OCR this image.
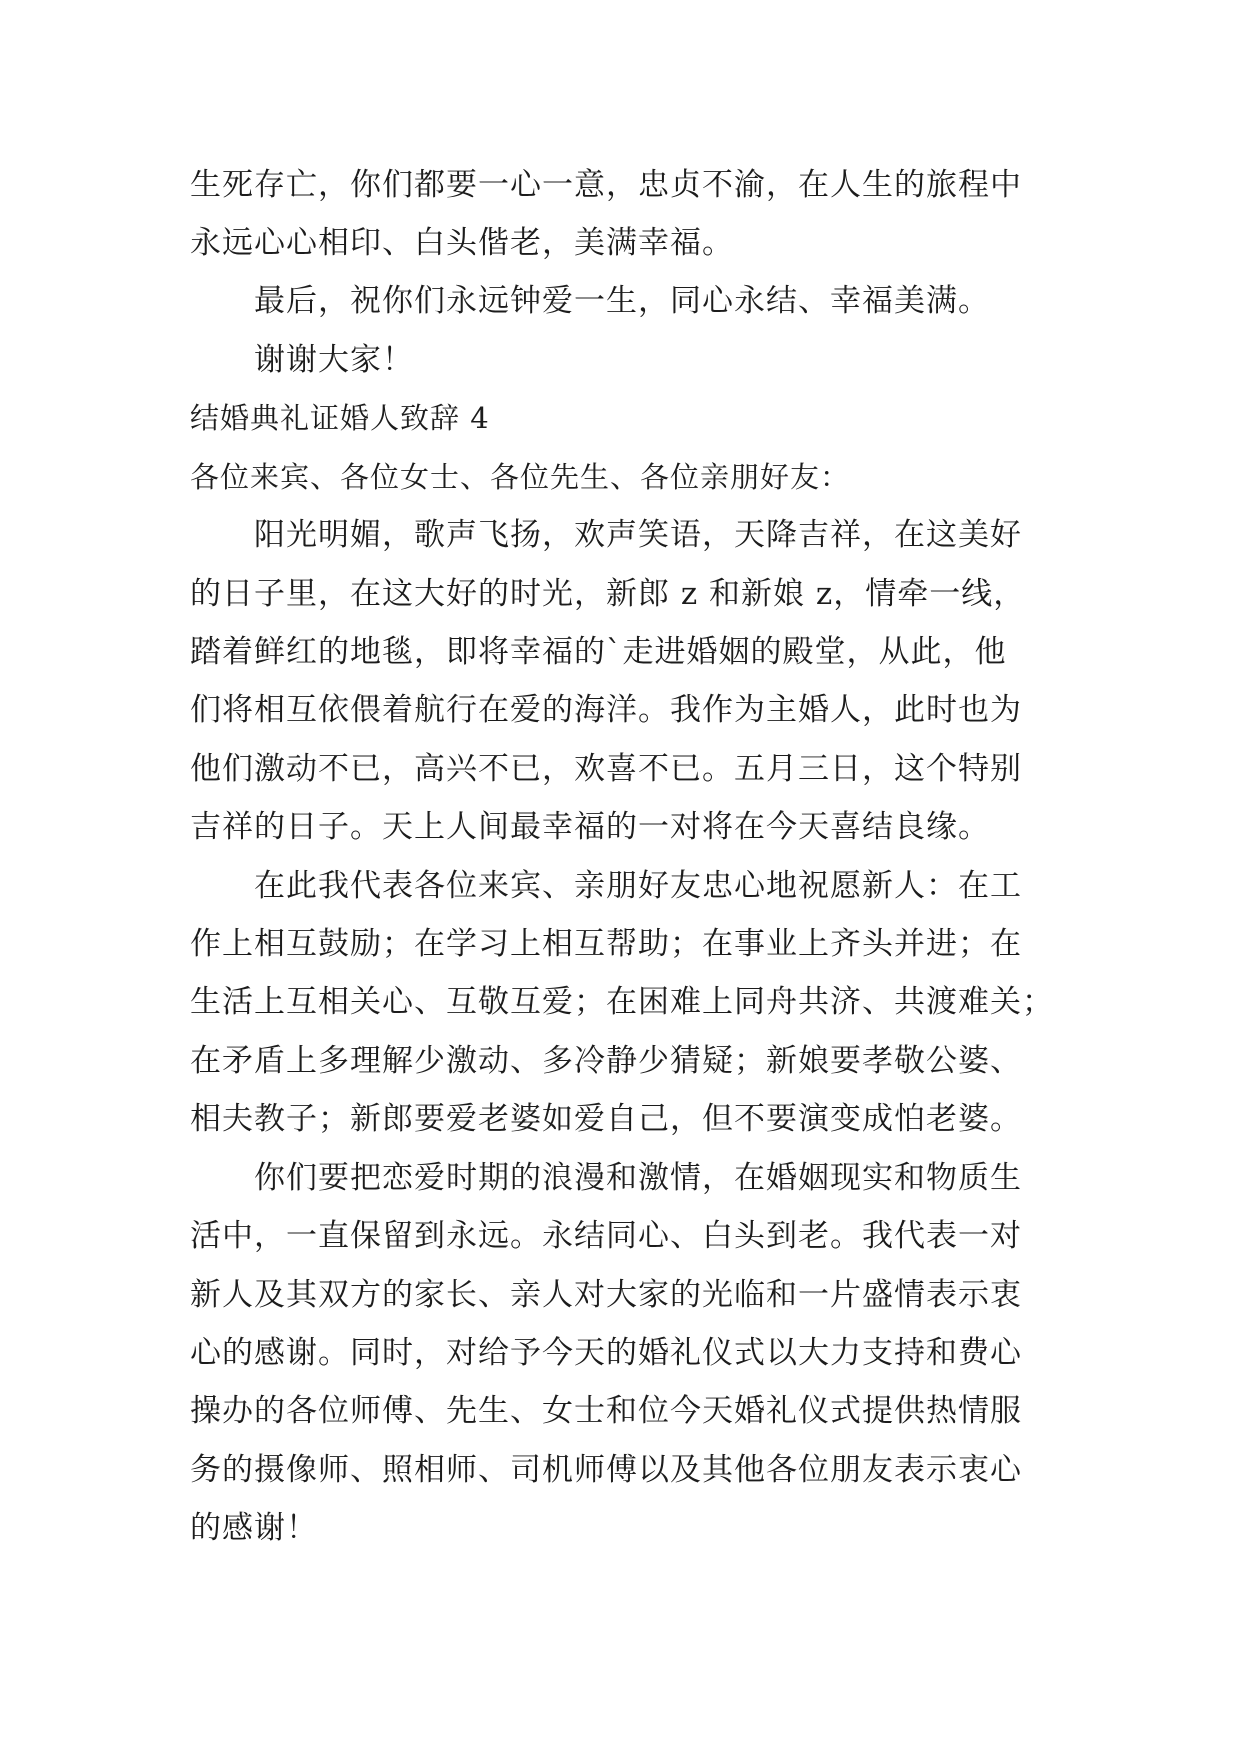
生死存亡，你们都要一心一意，忠贞不渝，在人生的旅程中
永远心心相印、白头偕老，美满幸福。
最后，祝你们永远钟爱一生，同心永结、幸福美满。
谢谢大家！
结婚典礼证婚人致辞 4
各位来宾、各位女士、各位先生、各位亲朋好友：
阳光明媚，歌声飞扬，欢声笑语，天降吉祥，在这美好
的日子里，在这大好的时光，新郎 z 和新娘 z，情牵一线，
踏着鲜红的地毯，即将幸福的`走进婚姻的殿堂，从此，他
们将相互依偎着航行在爱的海洋。我作为主婚人，此时也为
他们激动不已，高兴不已，欢喜不已。五月三日，这个特别
吉祥的日子。天上人间最幸福的一对将在今天喜结良缘。
在此我代表各位来宾、亲朋好友忠心地祝愿新人：在工
作上相互鼓励；在学习上相互帮助；在事业上齐头并进；在
生活上互相关心、互敬互爱；在困难上同舟共济、共渡难关；
在矛盾上多理解少激动、多冷静少猜疑；新娘要孝敬公婆、
相夫教子；新郎要爱老婆如爱自己，但不要演变成怕老婆。
你们要把恋爱时期的浪漫和激情，在婚姻现实和物质生
活中，一直保留到永远。永结同心、白头到老。我代表一对
新人及其双方的家长、亲人对大家的光临和一片盛情表示衷
心的感谢。同时，对给予今天的婚礼仪式以大力支持和费心
操办的各位师傅、先生、女士和位今天婚礼仪式提供热情服
务的摄像师、照相师、司机师傅以及其他各位朋友表示衷心
的感谢！
